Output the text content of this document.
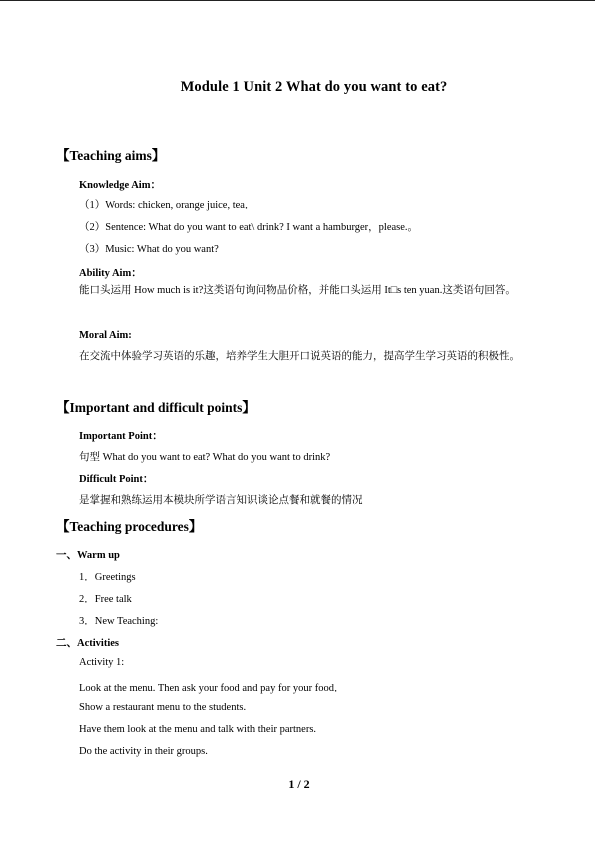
Module 1 Unit 2 What do you want to eat?
【Teaching aims】
Knowledge Aim：
（1）Words: chicken, orange juice, tea．
（2）Sentence: What do you want to eat\ drink? I want a hamburger，please.。
（3）Music: What do you want?
Ability Aim：
能口头运用 How much is it?这类语句询问物品价格，并能口头运用 It□s ten yuan.这类语句回答。
Moral Aim:
在交流中体验学习英语的乐趣，培养学生大胆开口说英语的能力，提高学生学习英语的积极性。
【Important and difficult points】
Important Point：
句型 What do you want to eat? What do you want to drink?
Difficult Point：
是掌握和熟练运用本模块所学语言知识谈论点餐和就餐的情况
【Teaching procedures】
一、Warm up
1．Greetings
2．Free talk
3．New Teaching:
二、Activities
Activity 1:
Look at the menu. Then ask your food and pay for your food．
Show a restaurant menu to the students.
Have them look at the menu and talk with their partners.
Do the activity in their groups.
1 / 2
